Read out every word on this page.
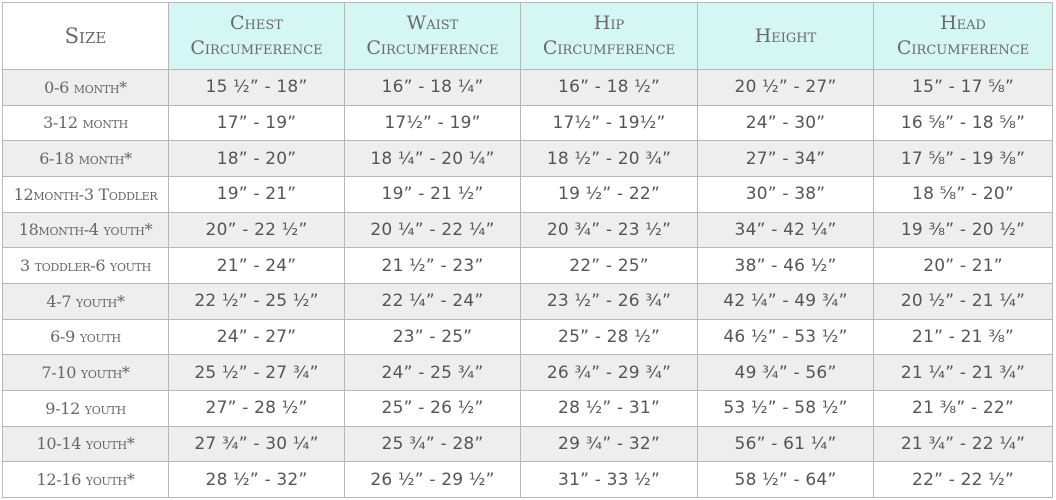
Size	Chest Circumference	Waist Circumference	Hip Circumference	Height	Head Circumference
0-6 month*	15 ½” - 18”	16” - 18 ¼”	16” - 18 ½”	20 ½” - 27”	15” - 17 ⅝”
3-12 month	17” - 19”	17½” - 19”	17½” - 19½”	24” - 30”	16 ⅝” - 18 ⅝”
6-18 month*	18” - 20”	18 ¼” - 20 ¼”	18 ½” - 20 ¾”	27” - 34”	17 ⅝” - 19 ⅜”
12month-3 Toddler	19” - 21”	19” - 21 ½”	19 ½” - 22”	30” - 38”	18 ⅝” - 20”
18month-4 youth*	20” - 22 ½”	20 ¼” - 22 ¼”	20 ¾” - 23 ½”	34” - 42 ¼”	19 ⅜” - 20 ½”
3 toddler-6 youth	21” - 24”	21 ½” - 23”	22” - 25”	38” - 46 ½”	20” - 21”
4-7 youth*	22 ½” - 25 ½”	22 ¼” - 24”	23 ½” - 26 ¾”	42 ¼” - 49 ¾”	20 ½” - 21 ¼”
6-9 youth	24” - 27”	23” - 25”	25” - 28 ½”	46 ½” - 53 ½”	21” - 21 ⅜”
7-10 youth*	25 ½” - 27 ¾”	24” - 25 ¾”	26 ¾” - 29 ¾”	49 ¾” - 56”	21 ¼” - 21 ¾”
9-12 youth	27” - 28 ½”	25” - 26 ½”	28 ½” - 31”	53 ½” - 58 ½”	21 ⅜” - 22”
10-14 youth*	27 ¾” - 30 ¼”	25 ¾” - 28”	29 ¾” - 32”	56” - 61 ¼”	21 ¾” - 22 ¼”
12-16 youth*	28 ½” - 32”	26 ½” - 29 ½”	31” - 33 ½”	58 ½” - 64”	22” - 22 ½”
